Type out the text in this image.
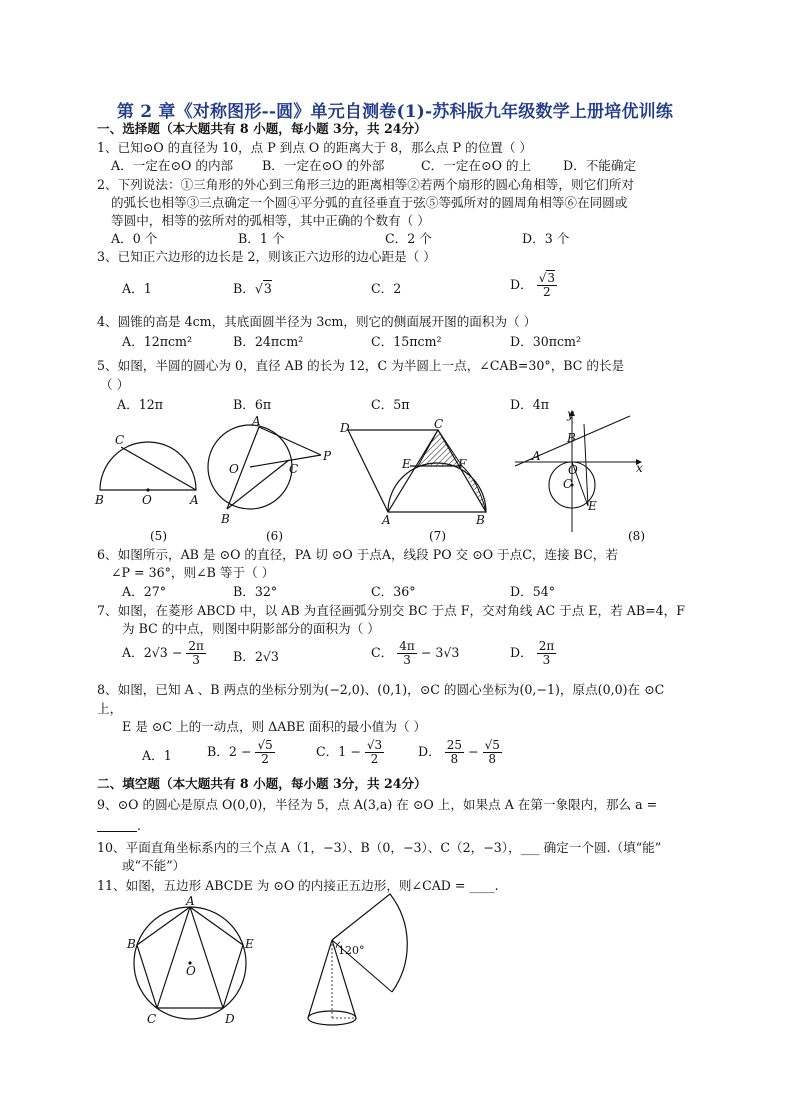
第 2 章《对称图形--圆》单元自测卷(1)-苏科版九年级数学上册培优训练
一、选择题（本大题共有 8 小题，每小题 3分，共 24分）
1、已知⊙O 的直径为 10，点 P 到点 O 的距离大于 8，那么点 P 的位置（ ）
A．一定在⊙O 的内部 B．一定在⊙O 的外部	C．一定在⊙O 的上	D．不能确定
2、下列说法：①三角形的外心到三角形三边的距离相等②若两个扇形的圆心角相等，则它们所对
的弧长也相等③三点确定一个圆④平分弧的直径垂直于弦⑤等弧所对的圆周角相等⑥在同圆或
等圆中，相等的弦所对的弧相等，其中正确的个数有（ ）
A．0 个	B．1 个	C．2 个	D．3 个
3、已知正六边形的边长是 2，则该正六边形的边心距是（ ）
A．1	B．√3	C．2	D． $\frac{√3}{2}$
4、圆锥的高是 4cm，其底面圆半径为 3cm，则它的侧面展开图的面积为（ ）
A．12πcm²	B．24πcm²	C．15πcm²	D．30πcm²
5、如图，半圆的圆心为 0，直径 AB 的长为 12，C 为半圆上一点，∠CAB=30°，BC 的长是
（ ）
A．12π	B．6π	C．5π	D．4π
C
B	O	A
(5)
A
O	C
P
B
(6)
D	C
E	F
A	B
(7)
y
x
A
B
O
C
E
(8)
6、如图所示，AB 是 ⊙O 的直径，PA 切 ⊙O 于点A，线段 PO 交 ⊙O 于点C，连接 BC，若
∠P = 36°，则∠B 等于（ ）
A．27°	B．32°	C．36°	D．54°
7、如图，在菱形 ABCD 中，以 AB 为直径画弧分别交 BC 于点 F，交对角线 AC 于点 E，若 AB=4，F
为 BC 的中点，则图中阴影部分的面积为（ ）
A．$2√3 - \frac{2\pi}{3}$ B．2√3	C． $\frac{4\pi}{3} - 3√3$	D． $\frac{2\pi}{3}$
8、如图，已知 A 、B 两点的坐标分别为(−2,0)、(0,1)，⊙C 的圆心坐标为(0,−1)，原点(0,0)在 ⊙C
上，
E 是 ⊙C 上的一动点，则 ΔABE 面积的最小值为（ ）
A．1	B．$2 - \frac{√5}{2}$	C．$1 - \frac{√3}{2}$	D． $\frac{25}{8} - \frac{√5}{8}$
二、填空题（本大题共有 8 小题，每小题 3分，共 24分）
9、⊙O 的圆心是原点 O(0,0)，半径为 5，点 A(3,a) 在 ⊙O 上，如果点 A 在第一象限内，那么 a =
.
10、平面直角坐标系内的三个点 A（1，−3）、B（0，−3）、C（2，−3），___ 确定一个圆.（填“能”
或“不能”）
11、如图，五边形 ABCDE 为 ⊙O 的内接正五边形，则∠CAD = ____.
A
B	E
C	D
O
120°
